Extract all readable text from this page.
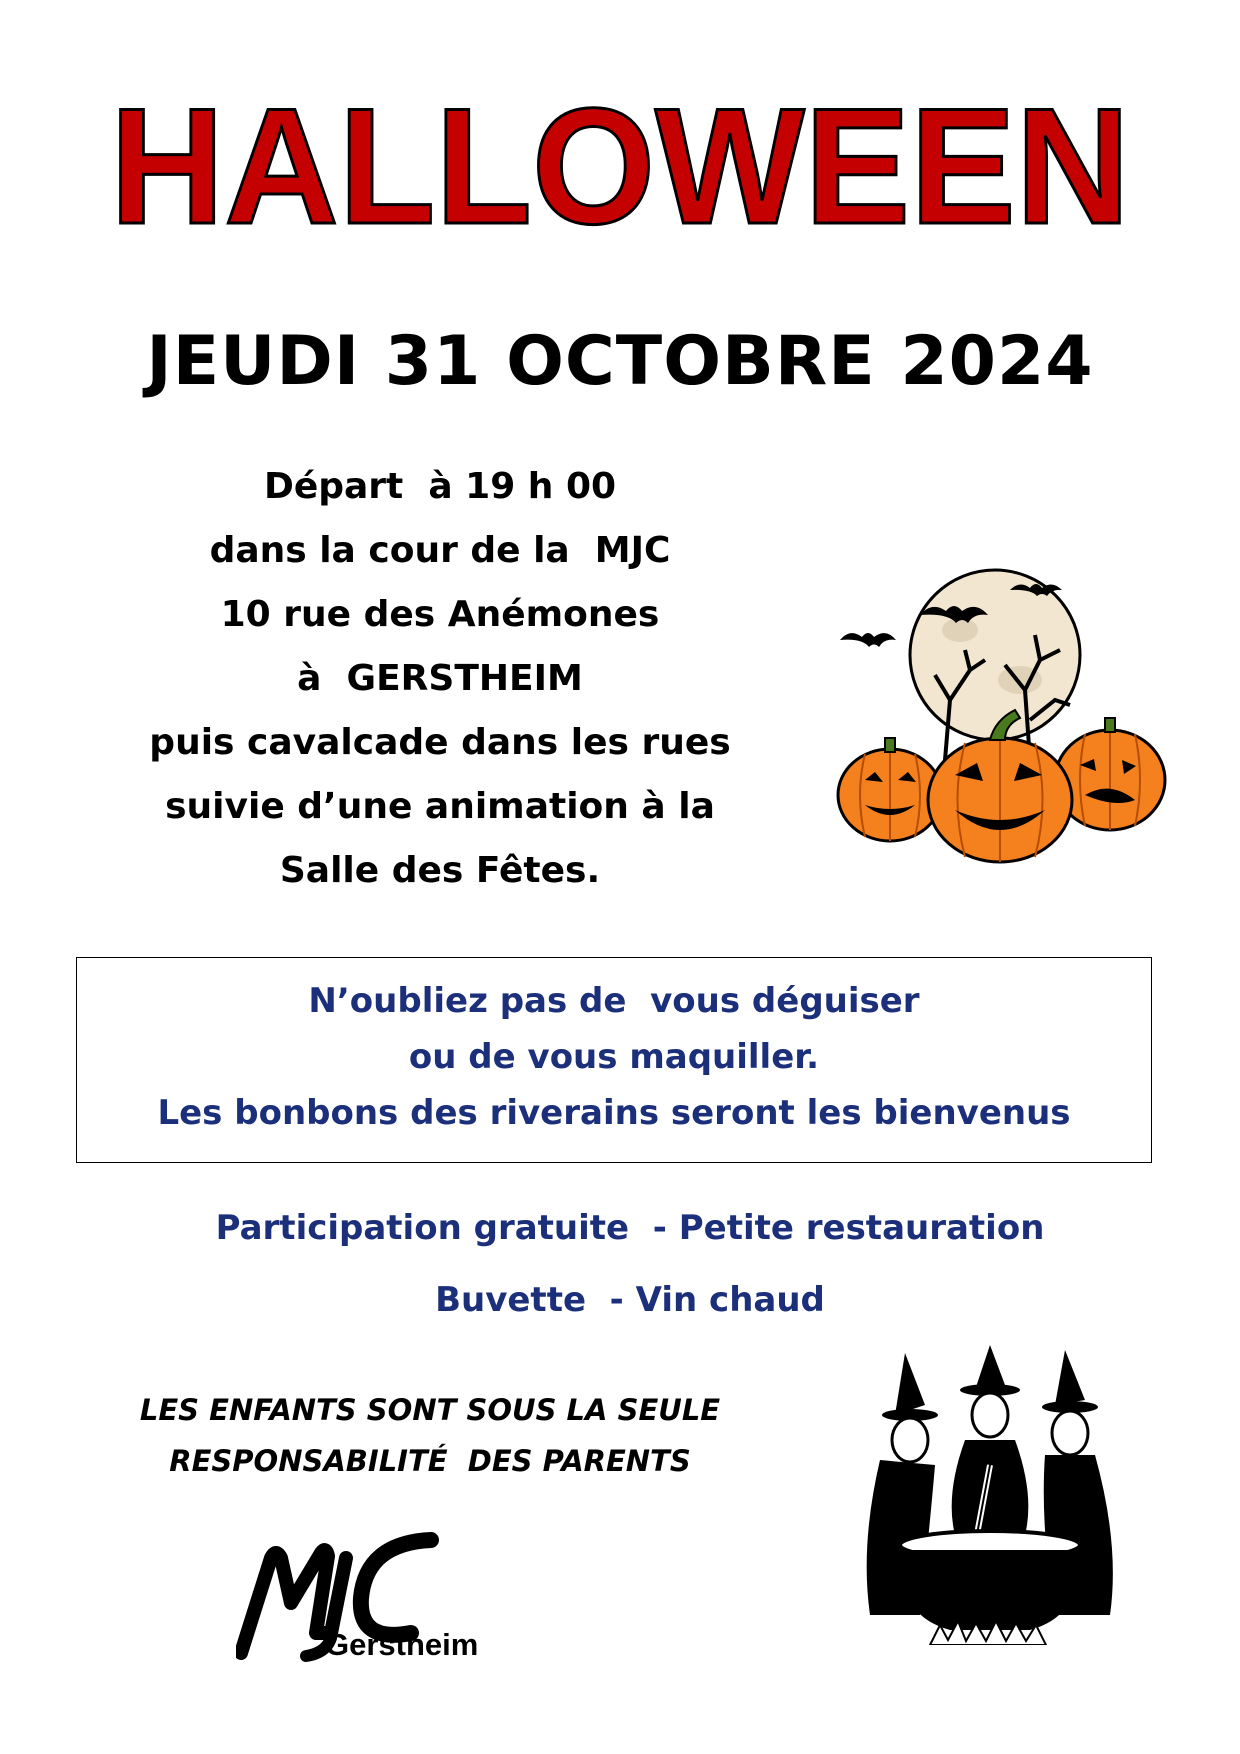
HALLOWEEN
JEUDI 31 OCTOBRE 2024
Départ  à 19 h 00
dans la cour de la  MJC
10 rue des Anémones
à  GERSTHEIM
puis cavalcade dans les rues
suivie d’une animation à la
Salle des Fêtes.
N’oubliez pas de  vous déguiser
ou de vous maquiller.
Les bonbons des riverains seront les bienvenus
Participation gratuite  - Petite restauration
Buvette  - Vin chaud
LES ENFANTS SONT SOUS LA SEULE
RESPONSABILITÉ  DES PARENTS
Gerstheim
